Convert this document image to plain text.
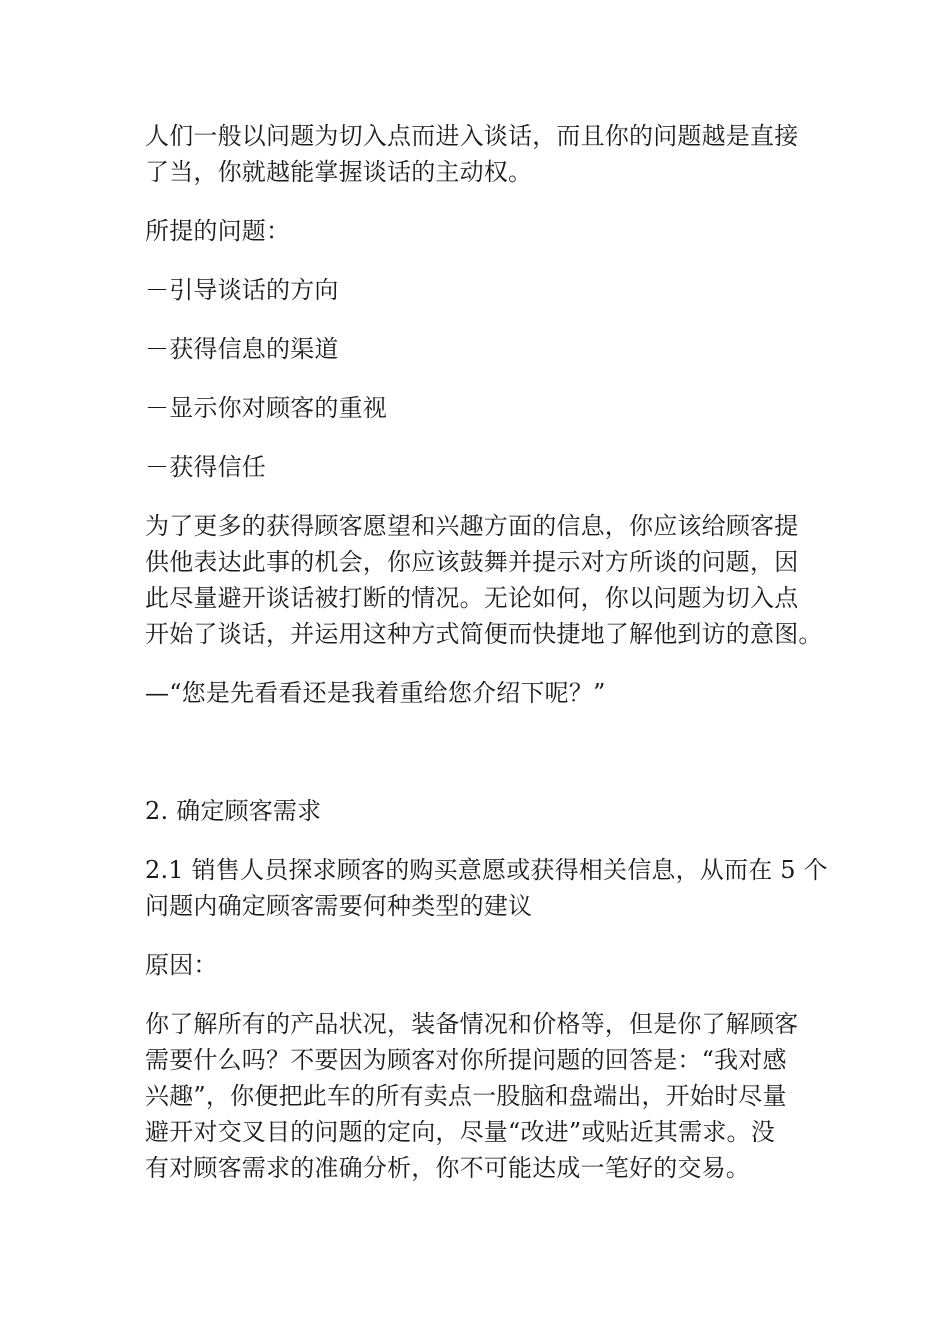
人们一般以问题为切入点而进入谈话，而且你的问题越是直接
了当，你就越能掌握谈话的主动权。

所提的问题：

－引导谈话的方向

－获得信息的渠道

－显示你对顾客的重视

－获得信任

为了更多的获得顾客愿望和兴趣方面的信息，你应该给顾客提
供他表达此事的机会，你应该鼓舞并提示对方所谈的问题，因
此尽量避开谈话被打断的情况。无论如何，你以问题为切入点
开始了谈话，并运用这种方式简便而快捷地了解他到访的意图。

—“您是先看看还是我着重给您介绍下呢？”

2. 确定顾客需求

2.1 销售人员探求顾客的购买意愿或获得相关信息，从而在 5 个
问题内确定顾客需要何种类型的建议

原因：

你了解所有的产品状况，装备情况和价格等，但是你了解顾客
需要什么吗？不要因为顾客对你所提问题的回答是：“我对感
兴趣”，你便把此车的所有卖点一股脑和盘端出，开始时尽量
避开对交叉目的问题的定向，尽量“改进”或贴近其需求。没
有对顾客需求的准确分析，你不可能达成一笔好的交易。
